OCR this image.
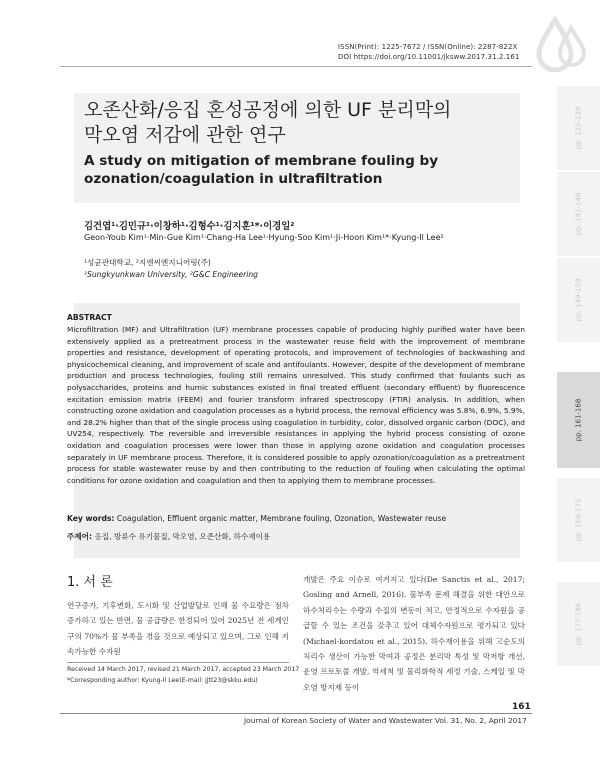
ISSN(Print): 1225-7672 / ISSN(Online): 2287-822X
DOI https://doi.org/10.11001/jksww.2017.31.2.161
오존산화/응집 혼성공정에 의한 UF 분리막의
막오염 저감에 관한 연구
A study on mitigation of membrane fouling by ozonation/coagulation in ultrafiltration
김건엽¹·김민규¹·이창하¹·김형수¹·김지훈¹*·이경일²
Geon-Youb Kim¹·Min-Gue Kim¹·Chang-Ha Lee¹·Hyung-Soo Kim¹·Ji-Hoon Kim¹*·Kyung-Il Lee²
¹성균관대학교, ²지앤씨엔지니어링(주)
¹Sungkyunkwan University, ²G&C Engineering
ABSTRACT
Microfiltration (MF) and Ultrafiltration (UF) membrane processes capable of producing highly purified water have been extensively applied as a pretreatment process in the wastewater reuse field with the improvement of membrane properties and resistance, development of operating protocols, and improvement of technologies of backwashing and physicochemical cleaning, and improvement of scale and antifoulants. However, despite of the development of membrane production and process technologies, fouling still remains unresolved. This study confirmed that foulants such as polysaccharides, proteins and humic substances existed in final treated effluent (secondary effluent) by fluorescence excitation emission matrix (FEEM) and fourier transform infrared spectroscopy (FTIR) analysis. In addition, when constructing ozone oxidation and coagulation processes as a hybrid process, the removal efficiency was 5.8%, 6.9%, 5.9%, and 28.2% higher than that of the single process using coagulation in turbidity, color, dissolved organic carbon (DOC), and UV254, respectively. The reversible and irreversible resistances in applying the hybrid process consisting of ozone oxidation and coagulation processes were lower than those in applying ozone oxidation and coagulation processes separately in UF membrane process. Therefore, it is considered possible to apply ozonation/coagulation as a pretreatment process for stable wastewater reuse by and then contributing to the reduction of fouling when calculating the optimal conditions for ozone oxidation and coagulation and then to applying them to membrane processes.
Key words: Coagulation, Effluent organic matter, Membrane fouling, Ozonation, Wastewater reuse
주제어: 응집, 방류수 유기물질, 막오염, 오존산화, 하수재이용
1. 서 론
연구증가, 기후변화, 도시화 및 산업발달로 인해 물 수요량은 점차 증가하고 있는 반면, 물 공급량은 한정되어 있어 2025년 전 세계인구의 70%가 물 부족을 겪을 것으로 예상되고 있으며, 그로 인해 지속가능한 수자원
개발은 주요 이슈로 여겨지고 있다(De Sanctis et al., 2017; Gosling and Arnell, 2016). 물부족 문제 해결을 위한 대안으로 하수처리수는 수량과 수질의 변동이 적고, 안정적으로 수자원을 공급할 수 있는 조건을 갖추고 있어 대체수자원으로 평가되고 있다(Michael-kordatou et al., 2015). 하수재이용을 위해 고순도의 처리수 생산이 가능한 막여과 공정은 분리막 특성 및 막저항 개선, 운영 프로토콜 개발, 역세척 및 물리화학적 세정 기술, 스케일 및 막오염 방지제 등이
Received 14 March 2017, revised 21 March 2017, accepted 23 March 2017
*Corresponding author: Kyung-Il Lee(E-mail: jjtt23@skku.edu)
161
Journal of Korean Society of Water and Wastewater Vol. 31, No. 2, April 2017
pp. 125-139
pp. 141-148
pp. 149-159
pp. 161-168
pp. 169-175
pp. 177-186
